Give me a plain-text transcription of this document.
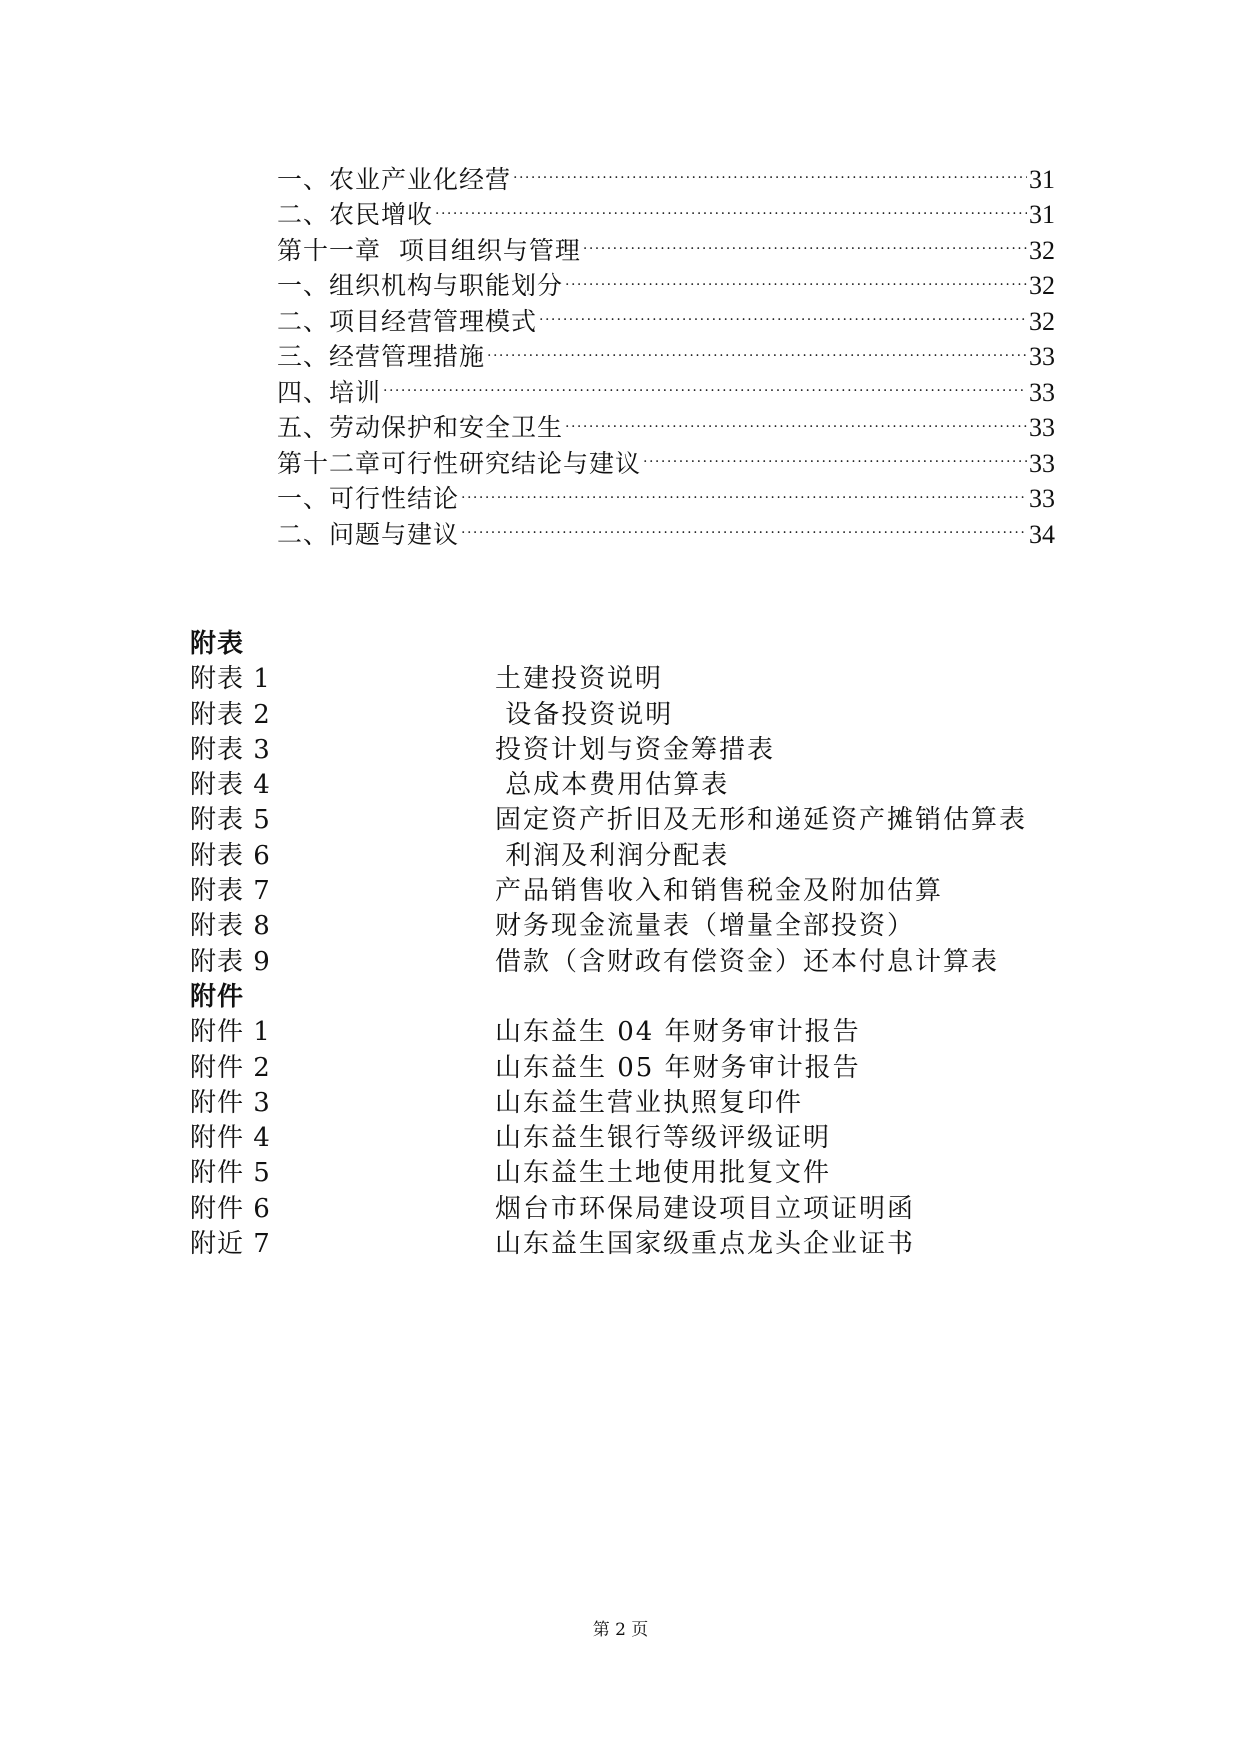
一、农业产业化经营 .....	31
二、农民增收 .....	31
第十一章  项目组织与管理 .....	32
一、组织机构与职能划分 .....	32
二、项目经营管理模式 .....	32
三、经营管理措施 .....	33
四、培训 .....	33
五、劳动保护和安全卫生 .....	33
第十二章可行性研究结论与建议 .....	33
一、可行性结论 .....	33
二、问题与建议 .....	34
附表
附表 1	土建投资说明
附表 2	设备投资说明
附表 3	投资计划与资金筹措表
附表 4	总成本费用估算表
附表 5	固定资产折旧及无形和递延资产摊销估算表
附表 6	利润及利润分配表
附表 7	产品销售收入和销售税金及附加估算
附表 8	财务现金流量表（增量全部投资）
附表 9	借款（含财政有偿资金）还本付息计算表
附件
附件 1	山东益生 04 年财务审计报告
附件 2	山东益生 05 年财务审计报告
附件 3	山东益生营业执照复印件
附件 4	山东益生银行等级评级证明
附件 5	山东益生土地使用批复文件
附件 6	烟台市环保局建设项目立项证明函
附近 7	山东益生国家级重点龙头企业证书
第 2 页
